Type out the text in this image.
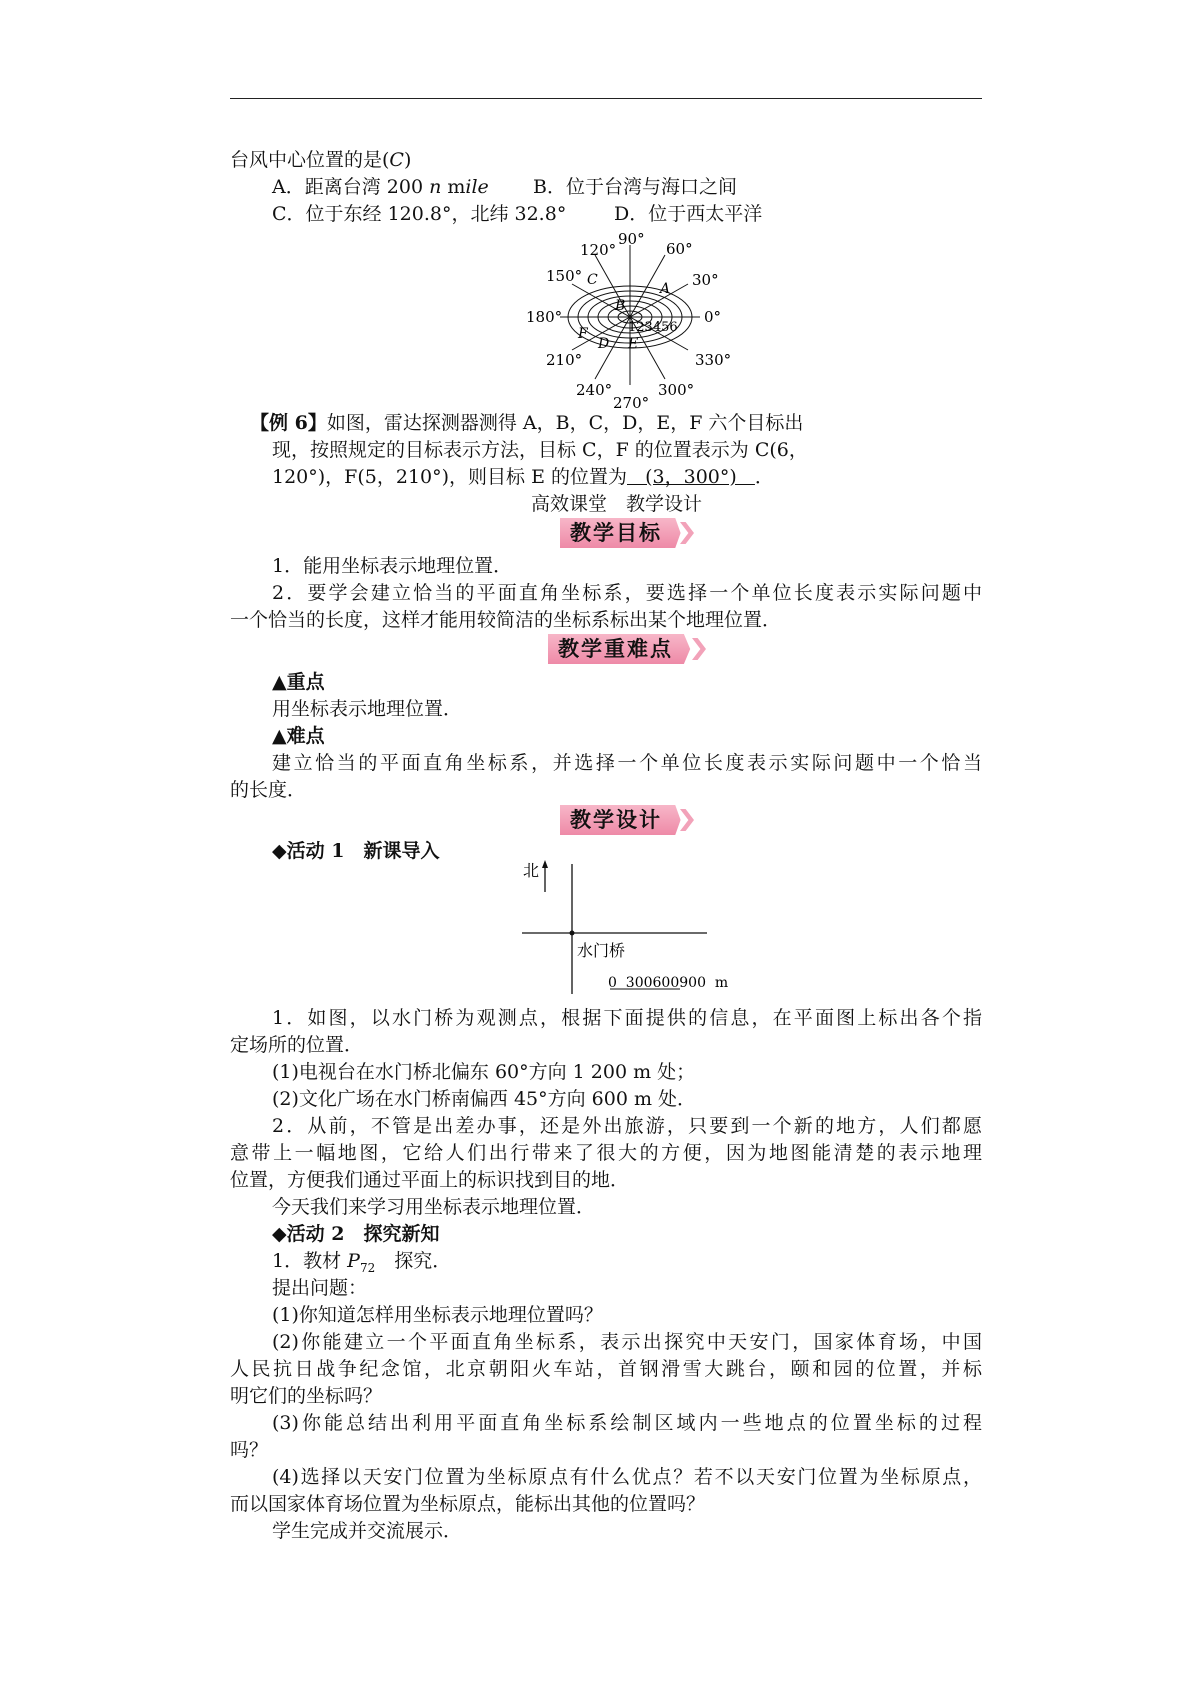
台风中心位置的是(C)
A．距离台湾 200 n mile B．位于台湾与海口之间
C．位于东经 120.8°，北纬 32.8°	D．位于西太平洋
90°
60°
30°
0°
330°
300°
270°
240°
210°
180°
150°
120°
123456
A
B
C
D E
F
【例 6】如图，雷达探测器测得 A，B，C，D，E，F 六个目标出
现，按照规定的目标表示方法，目标 C，F 的位置表示为 C(6，
120°)，F(5，210°)，则目标 E 的位置为   (3，300°)   ．
高效课堂　教学设计
教学目标
1．能用坐标表示地理位置．
2．要学会建立恰当的平面直角坐标系，要选择一个单位长度表示实际问题中
一个恰当的长度，这样才能用较简洁的坐标系标出某个地理位置．
教学重难点
▲重点
用坐标表示地理位置．
▲难点
建立恰当的平面直角坐标系，并选择一个单位长度表示实际问题中一个恰当
的长度．
教学设计
◆活动 1　新课导入
北
水门桥
0  300600900  m
1．如图，以水门桥为观测点，根据下面提供的信息，在平面图上标出各个指
定场所的位置．
(1)电视台在水门桥北偏东 60°方向 1 200 m 处；
(2)文化广场在水门桥南偏西 45°方向 600 m 处．
2．从前，不管是出差办事，还是外出旅游，只要到一个新的地方，人们都愿
意带上一幅地图，它给人们出行带来了很大的方便，因为地图能清楚的表示地理
位置，方便我们通过平面上的标识找到目的地．
今天我们来学习用坐标表示地理位置．
◆活动 2　探究新知
1．教材 $P_{72}$　探究．
提出问题：
(1)你知道怎样用坐标表示地理位置吗？
(2)你能建立一个平面直角坐标系，表示出探究中天安门，国家体育场，中国
人民抗日战争纪念馆，北京朝阳火车站，首钢滑雪大跳台，颐和园的位置，并标
明它们的坐标吗？
(3)你能总结出利用平面直角坐标系绘制区域内一些地点的位置坐标的过程
吗？
(4)选择以天安门位置为坐标原点有什么优点？若不以天安门位置为坐标原点，
而以国家体育场位置为坐标原点，能标出其他的位置吗？
学生完成并交流展示．
